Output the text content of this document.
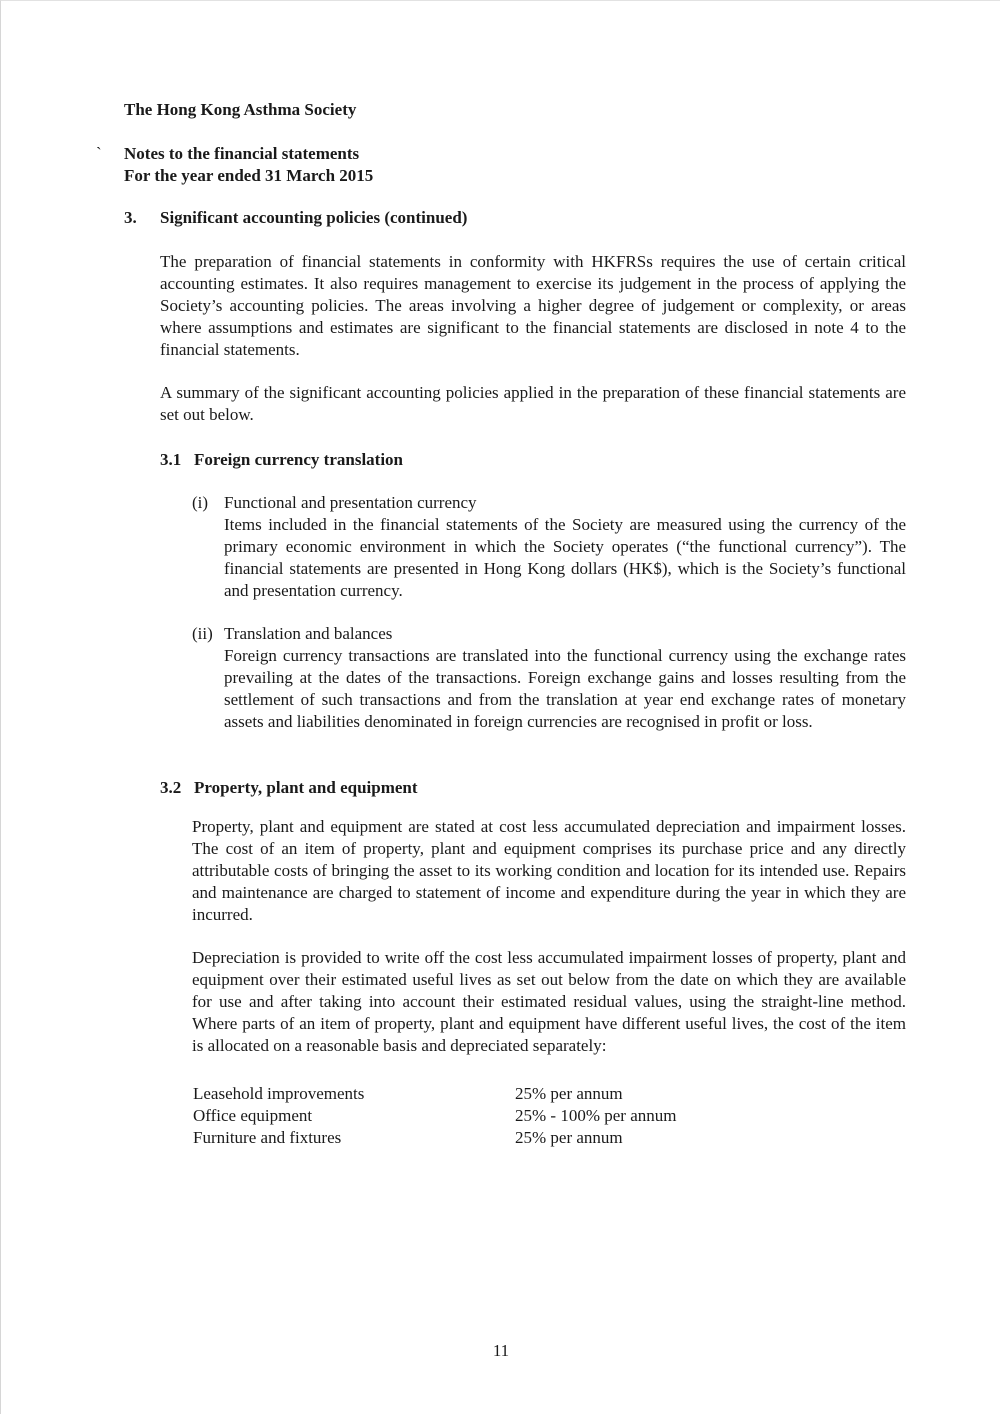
The Hong Kong Asthma Society
` Notes to the financial statements
For the year ended 31 March 2015
3. Significant accounting policies (continued)
The preparation of financial statements in conformity with HKFRSs requires the use of certain critical accounting estimates. It also requires management to exercise its judgement in the process of applying the Society’s accounting policies. The areas involving a higher degree of judgement or complexity, or areas where assumptions and estimates are significant to the financial statements are disclosed in note 4 to the financial statements.
A summary of the significant accounting policies applied in the preparation of these financial statements are set out below.
3.1 Foreign currency translation
(i) Functional and presentation currency
Items included in the financial statements of the Society are measured using the currency of the primary economic environment in which the Society operates (“the functional currency”). The financial statements are presented in Hong Kong dollars (HK$), which is the Society’s functional and presentation currency.
(ii) Translation and balances
Foreign currency transactions are translated into the functional currency using the exchange rates prevailing at the dates of the transactions. Foreign exchange gains and losses resulting from the settlement of such transactions and from the translation at year end exchange rates of monetary assets and liabilities denominated in foreign currencies are recognised in profit or loss.
3.2 Property, plant and equipment
Property, plant and equipment are stated at cost less accumulated depreciation and impairment losses. The cost of an item of property, plant and equipment comprises its purchase price and any directly attributable costs of bringing the asset to its working condition and location for its intended use. Repairs and maintenance are charged to statement of income and expenditure during the year in which they are incurred.
Depreciation is provided to write off the cost less accumulated impairment losses of property, plant and equipment over their estimated useful lives as set out below from the date on which they are available for use and after taking into account their estimated residual values, using the straight-line method. Where parts of an item of property, plant and equipment have different useful lives, the cost of the item is allocated on a reasonable basis and depreciated separately:
Leasehold improvements	25% per annum
Office equipment	25% - 100% per annum
Furniture and fixtures	25% per annum
11
